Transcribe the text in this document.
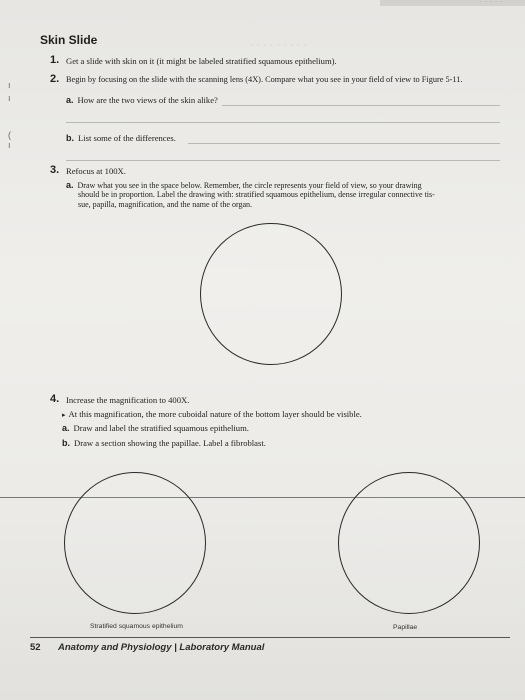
· · · · ·
· · · · · · · · ·
ı
ı
(
ı
Skin Slide
1. Get a slide with skin on it (it might be labeled stratified squamous epithelium).
2. Begin by focusing on the slide with the scanning lens (4X). Compare what you see in your field of view to Figure 5-11.
a. How are the two views of the skin alike?
b. List some of the differences.
3. Refocus at 100X.
a. Draw what you see in the space below. Remember, the circle represents your field of view, so your drawing
should be in proportion. Label the drawing with: stratified squamous epithelium, dense irregular connective tis-
sue, papilla, magnification, and the name of the organ.
4. Increase the magnification to 400X.
▸ At this magnification, the more cuboidal nature of the bottom layer should be visible.
a. Draw and label the stratified squamous epithelium.
b. Draw a section showing the papillae. Label a fibroblast.
Stratified squamous epithelium	Papillae
52 Anatomy and Physiology | Laboratory Manual
